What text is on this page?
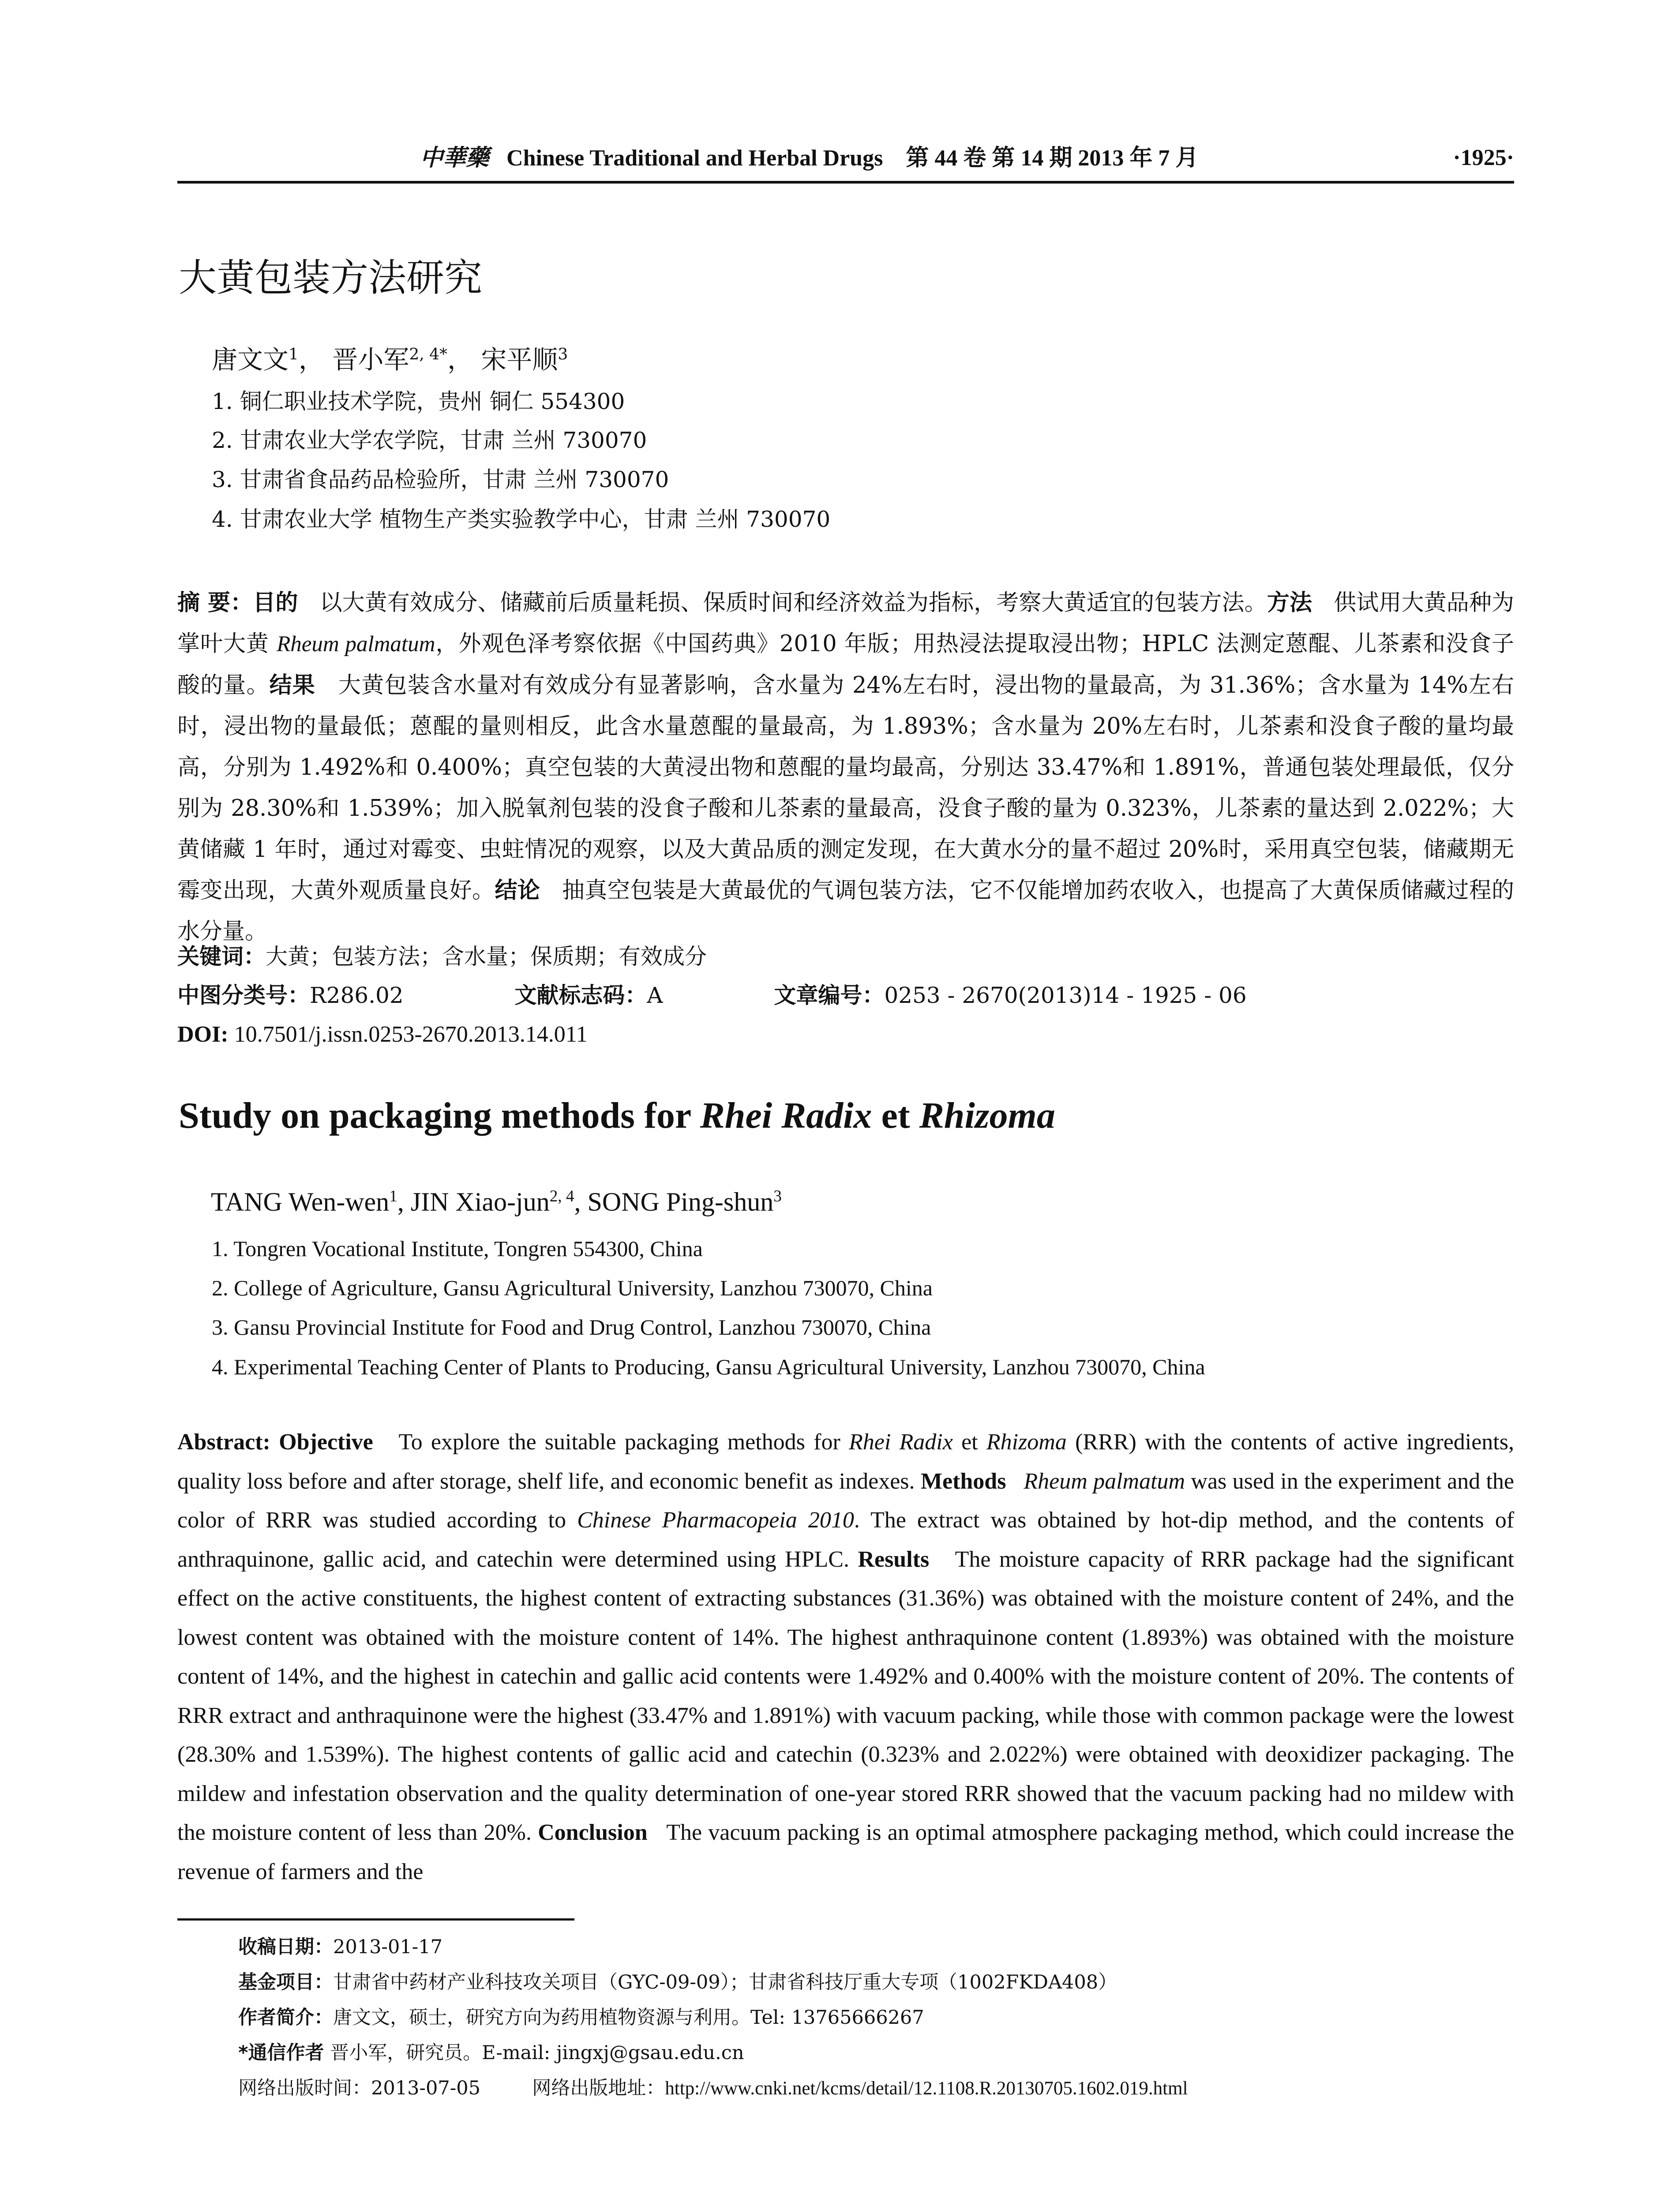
中華藥 Chinese Traditional and Herbal Drugs　第 44 卷 第 14 期 2013 年 7 月	·1925·
大黄包装方法研究
唐文文$^1$， 晋小军$^{2, 4*}$， 宋平顺$^3$
1. 铜仁职业技术学院，贵州 铜仁 554300
2. 甘肃农业大学农学院，甘肃 兰州 730070
3. 甘肃省食品药品检验所，甘肃 兰州 730070
4. 甘肃农业大学 植物生产类实验教学中心，甘肃 兰州 730070
摘 要：目的 以大黄有效成分、储藏前后质量耗损、保质时间和经济效益为指标，考察大黄适宜的包装方法。方法 供试用大黄品种为掌叶大黄 Rheum palmatum，外观色泽考察依据《中国药典》2010 年版；用热浸法提取浸出物；HPLC 法测定蒽醌、儿茶素和没食子酸的量。结果 大黄包装含水量对有效成分有显著影响，含水量为 24%左右时，浸出物的量最高，为 31.36%；含水量为 14%左右时，浸出物的量最低；蒽醌的量则相反，此含水量蒽醌的量最高，为 1.893%；含水量为 20%左右时，儿茶素和没食子酸的量均最高，分别为 1.492%和 0.400%；真空包装的大黄浸出物和蒽醌的量均最高，分别达 33.47%和 1.891%，普通包装处理最低，仅分别为 28.30%和 1.539%；加入脱氧剂包装的没食子酸和儿茶素的量最高，没食子酸的量为 0.323%，儿茶素的量达到 2.022%；大黄储藏 1 年时，通过对霉变、虫蛀情况的观察，以及大黄品质的测定发现，在大黄水分的量不超过 20%时，采用真空包装，储藏期无霉变出现，大黄外观质量良好。结论 抽真空包装是大黄最优的气调包装方法，它不仅能增加药农收入，也提高了大黄保质储藏过程的水分量。
关键词：大黄；包装方法；含水量；保质期；有效成分
中图分类号：R286.02	文献标志码：A	文章编号：0253 - 2670(2013)14 - 1925 - 06
DOI: 10.7501/j.issn.0253-2670.2013.14.011
Study on packaging methods for Rhei Radix et Rhizoma
TANG Wen-wen$^1$, JIN Xiao-jun$^{2, 4}$, SONG Ping-shun$^3$
1. Tongren Vocational Institute, Tongren 554300, China
2. College of Agriculture, Gansu Agricultural University, Lanzhou 730070, China
3. Gansu Provincial Institute for Food and Drug Control, Lanzhou 730070, China
4. Experimental Teaching Center of Plants to Producing, Gansu Agricultural University, Lanzhou 730070, China
Abstract: Objective To explore the suitable packaging methods for Rhei Radix et Rhizoma (RRR) with the contents of active ingredients, quality loss before and after storage, shelf life, and economic benefit as indexes. Methods Rheum palmatum was used in the experiment and the color of RRR was studied according to Chinese Pharmacopeia 2010. The extract was obtained by hot-dip method, and the contents of anthraquinone, gallic acid, and catechin were determined using HPLC. Results The moisture capacity of RRR package had the significant effect on the active constituents, the highest content of extracting substances (31.36%) was obtained with the moisture content of 24%, and the lowest content was obtained with the moisture content of 14%. The highest anthraquinone content (1.893%) was obtained with the moisture content of 14%, and the highest in catechin and gallic acid contents were 1.492% and 0.400% with the moisture content of 20%. The contents of RRR extract and anthraquinone were the highest (33.47% and 1.891%) with vacuum packing, while those with common package were the lowest (28.30% and 1.539%). The highest contents of gallic acid and catechin (0.323% and 2.022%) were obtained with deoxidizer packaging. The mildew and infestation observation and the quality determination of one-year stored RRR showed that the vacuum packing had no mildew with the moisture content of less than 20%. Conclusion The vacuum packing is an optimal atmosphere packaging method, which could increase the revenue of farmers and the
收稿日期：2013-01-17
基金项目：甘肃省中药材产业科技攻关项目（GYC-09-09）；甘肃省科技厅重大专项（1002FKDA408）
作者简介：唐文文，硕士，研究方向为药用植物资源与利用。Tel: 13765666267
*通信作者 晋小军，研究员。E-mail: jingxj@gsau.edu.cn
网络出版时间：2013-07-05	网络出版地址：http://www.cnki.net/kcms/detail/12.1108.R.20130705.1602.019.html
